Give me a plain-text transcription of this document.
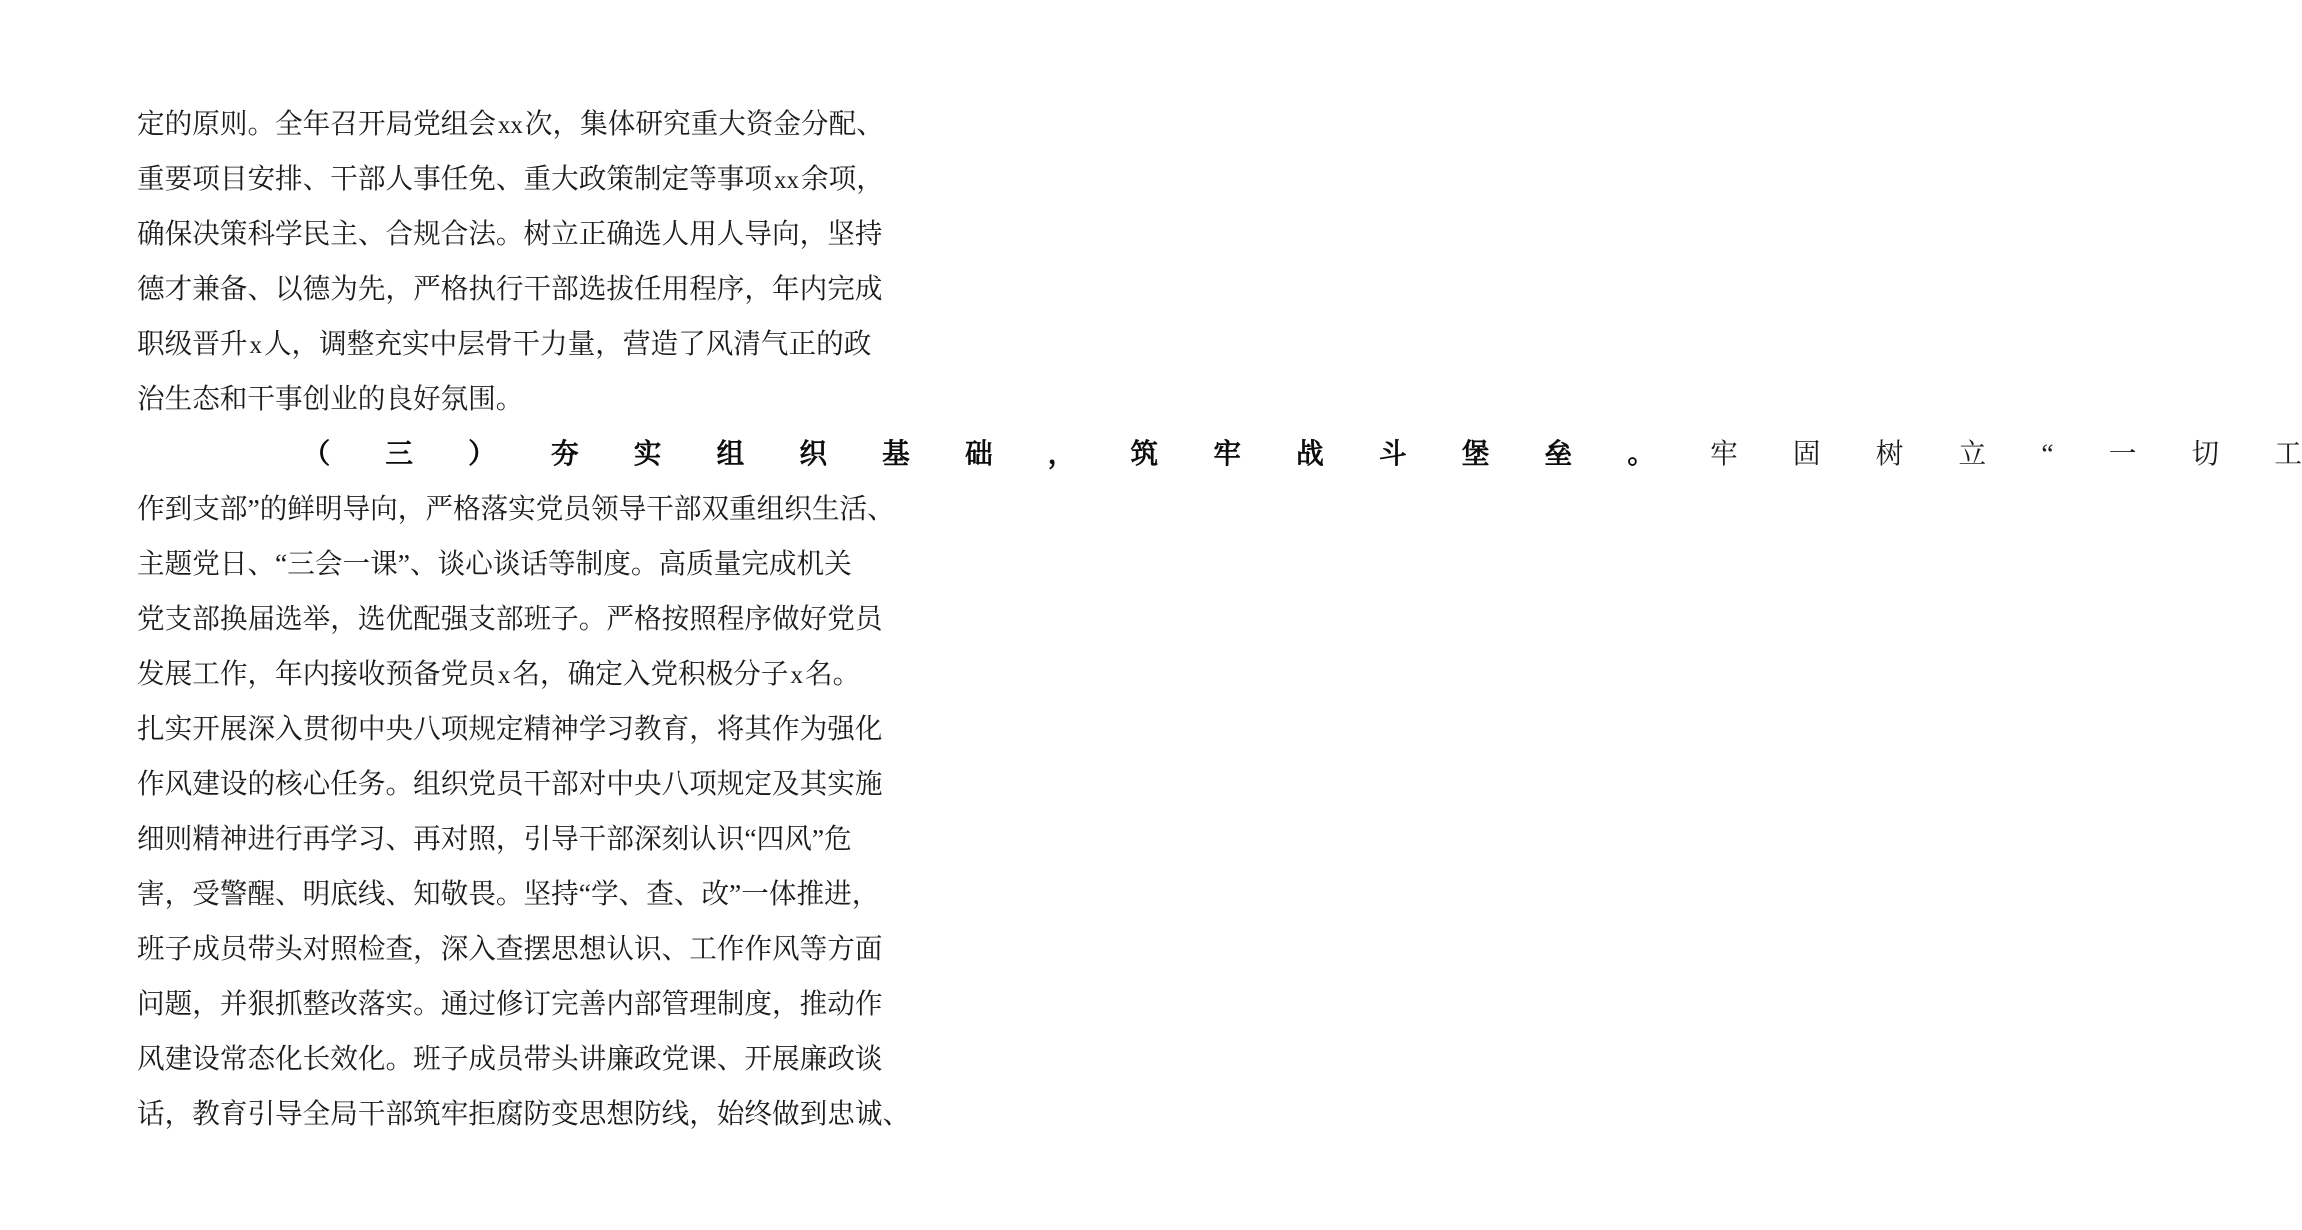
定 的 原 则 。 全 年 召 开 局 党 组 会 xx 次 ， 集 体 研 究 重 大 资 金 分 配 、
重 要 项 目 安 排 、 干 部 人 事 任 免 、 重 大 政 策 制 定 等 事 项 xx 余 项 ，
确 保 决 策 科 学 民 主 、 合 规 合 法 。 树 立 正 确 选 人 用 人 导 向 ， 坚 持
德 才 兼 备 、 以 德 为 先 ， 严 格 执 行 干 部 选 拔 任 用 程 序 ， 年 内 完 成
职 级 晋 升 x 人 ， 调 整 充 实 中 层 骨 干 力 量 ， 营 造 了 风 清 气 正 的 政
治生态和干事创业的良好氛围。

（	三	）	夯	实	组	织	基	础	，	筑	牢	战	斗	堡	垒	。	牢	固	树	立	“	一	切	工
作 到 支 部 ” 的 鲜 明 导 向 ， 严 格 落 实 党 员 领 导 干 部 双 重 组 织 生 活 、
主 题 党 日 、 “ 三 会 一 课 ” 、 谈 心 谈 话 等 制 度 。 高 质 量 完 成 机 关
党 支 部 换 届 选 举 ， 选 优 配 强 支 部 班 子 。 严 格 按 照 程 序 做 好 党 员
发 展 工 作 ， 年 内 接 收 预 备 党 员 x 名 ， 确 定 入 党 积 极 分 子 x 名 。
扎 实 开 展 深 入 贯 彻 中 央 八 项 规 定 精 神 学 习 教 育 ， 将 其 作 为 强 化
作 风 建 设 的 核 心 任 务 。 组 织 党 员 干 部 对 中 央 八 项 规 定 及 其 实 施
细 则 精 神 进 行 再 学 习 、 再 对 照 ， 引 导 干 部 深 刻 认 识 “ 四 风 ” 危
害 ， 受 警 醒 、 明 底 线 、 知 敬 畏 。 坚 持 “ 学 、 查 、 改 ” 一 体 推 进 ，
班 子 成 员 带 头 对 照 检 查 ， 深 入 查 摆 思 想 认 识 、 工 作 作 风 等 方 面
问 题 ， 并 狠 抓 整 改 落 实 。 通 过 修 订 完 善 内 部 管 理 制 度 ， 推 动 作
风 建 设 常 态 化 长 效 化 。 班 子 成 员 带 头 讲 廉 政 党 课 、 开 展 廉 政 谈
话 ， 教 育 引 导 全 局 干 部 筑 牢 拒 腐 防 变 思 想 防 线 ， 始 终 做 到 忠 诚 、
